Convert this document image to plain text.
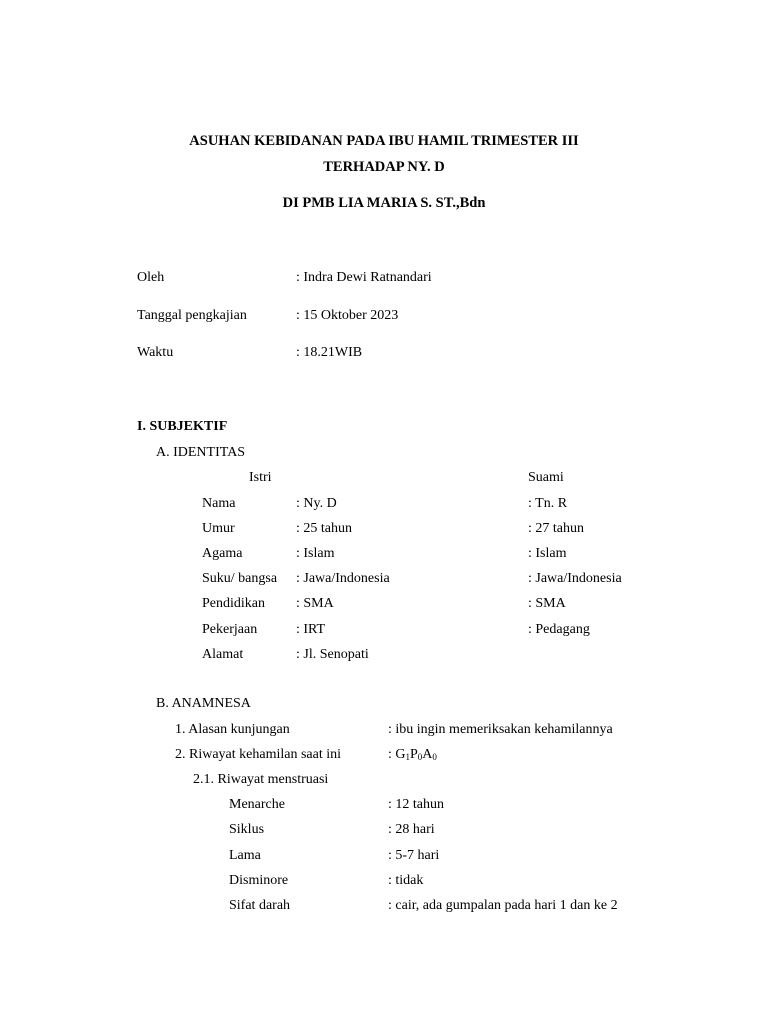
ASUHAN KEBIDANAN PADA IBU HAMIL TRIMESTER III
TERHADAP NY. D
DI PMB LIA MARIA S. ST.,Bdn
Oleh	: Indra Dewi Ratnandari
Tanggal pengkajian	: 15 Oktober 2023
Waktu	: 18.21WIB
I. SUBJEKTIF
A. IDENTITAS
Istri	Suami
Nama	: Ny. D	: Tn. R
Umur	: 25 tahun	: 27 tahun
Agama	: Islam	: Islam
Suku/ bangsa : Jawa/Indonesia	: Jawa/Indonesia
Pendidikan : SMA	: SMA
Pekerjaan	: IRT	: Pedagang
Alamat	: Jl. Senopati
B. ANAMNESA
1. Alasan kunjungan	: ibu ingin memeriksakan kehamilannya
2. Riwayat kehamilan saat ini	: $G_1P_0A_0$
2.1. Riwayat menstruasi
Menarche	: 12 tahun
Siklus	: 28 hari
Lama	: 5-7 hari
Disminore	: tidak
Sifat darah	: cair, ada gumpalan pada hari 1 dan ke 2
